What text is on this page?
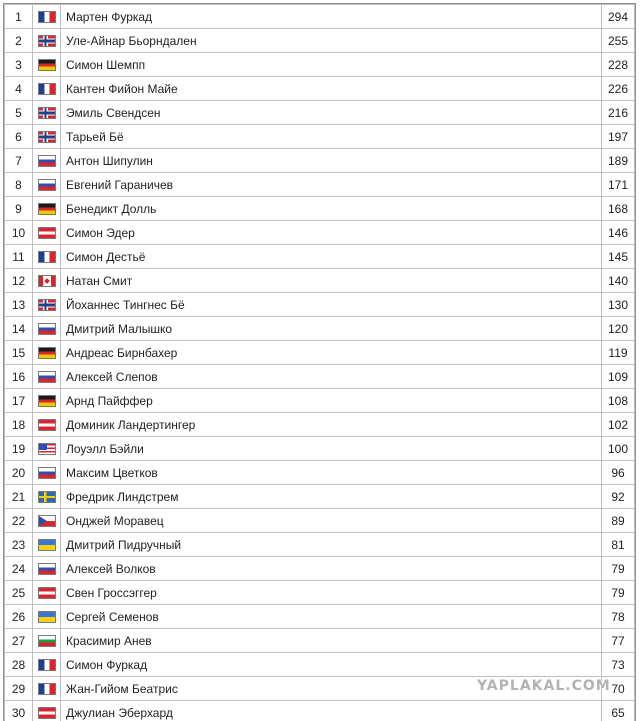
1		Мартен Фуркад	294
2		Уле-Айнар Бьорндален	255
3		Симон Шемпп	228
4		Кантен Фийон Майе	226
5		Эмиль Свендсен	216
6		Тарьей Бё	197
7		Антон Шипулин	189
8		Евгений Гараничев	171
9		Бенедикт Долль	168
10		Симон Эдер	146
11		Симон Дестьё	145
12		Натан Смит	140
13		Йоханнес Тингнес Бё	130
14		Дмитрий Малышко	120
15		Андреас Бирнбахер	119
16		Алексей Слепов	109
17		Арнд Пайффер	108
18		Доминик Ландертингер	102
19		Лоуэлл Бэйли	100
20		Максим Цветков	96
21		Фредрик Линдстрем	92
22		Онджей Моравец	89
23		Дмитрий Пидручный	81
24		Алексей Волков	79
25		Свен Гроссэггер	79
26		Сергей Семенов	78
27		Красимир Анев	77
28		Симон Фуркад	73
29		Жан-Гийом Беатрис	70
30		Джулиан Эберхард	65
YAPLAKAL.COM
